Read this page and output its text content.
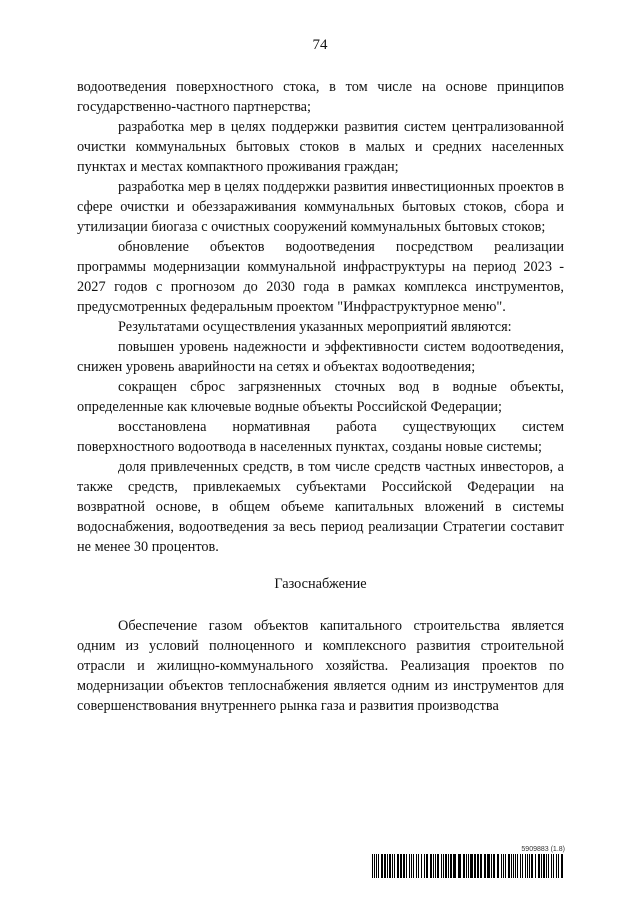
74

водоотведения поверхностного стока, в том числе на основе принципов государственно-частного партнерства;

разработка мер в целях поддержки развития систем централизованной очистки коммунальных бытовых стоков в малых и средних населенных пунктах и местах компактного проживания граждан;

разработка мер в целях поддержки развития инвестиционных проектов в сфере очистки и обеззараживания коммунальных бытовых стоков, сбора и утилизации биогаза с очистных сооружений коммунальных бытовых стоков;

обновление объектов водоотведения посредством реализации программы модернизации коммунальной инфраструктуры на период 2023 - 2027 годов с прогнозом до 2030 года в рамках комплекса инструментов, предусмотренных федеральным проектом "Инфраструктурное меню".

Результатами осуществления указанных мероприятий являются:

повышен уровень надежности и эффективности систем водоотведения, снижен уровень аварийности на сетях и объектах водоотведения;

сокращен сброс загрязненных сточных вод в водные объекты, определенные как ключевые водные объекты Российской Федерации;

восстановлена нормативная работа существующих систем поверхностного водоотвода в населенных пунктах, созданы новые системы;

доля привлеченных средств, в том числе средств частных инвесторов, а также средств, привлекаемых субъектами Российской Федерации на возвратной основе, в общем объеме капитальных вложений в системы водоснабжения, водоотведения за весь период реализации Стратегии составит не менее 30 процентов.

Газоснабжение

Обеспечение газом объектов капитального строительства является одним из условий полноценного и комплексного развития строительной отрасли и жилищно-коммунального хозяйства. Реализация проектов по модернизации объектов теплоснабжения является одним из инструментов для совершенствования внутреннего рынка газа и развития производства

5909883 (1.8)
